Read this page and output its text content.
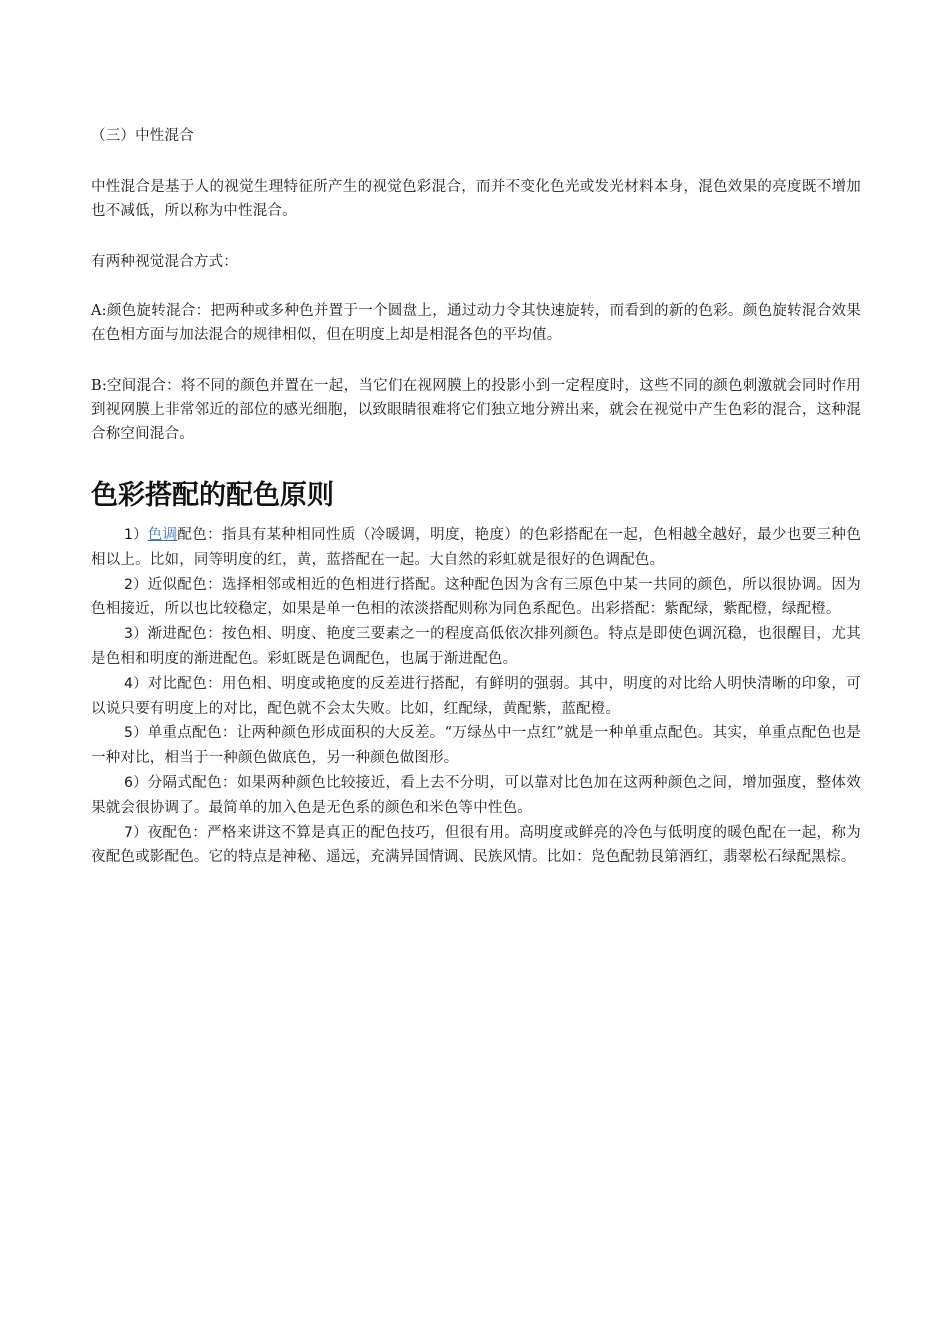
（三）中性混合

中性混合是基于人的视觉生理特征所产生的视觉色彩混合，而并不变化色光或发光材料本身，混色效果的亮度既不增加也不减低，所以称为中性混合。

有两种视觉混合方式：

A:颜色旋转混合：把两种或多种色并置于一个圆盘上，通过动力令其快速旋转，而看到的新的色彩。颜色旋转混合效果在色相方面与加法混合的规律相似，但在明度上却是相混各色的平均值。

B:空间混合：将不同的颜色并置在一起，当它们在视网膜上的投影小到一定程度时，这些不同的颜色刺激就会同时作用到视网膜上非常邻近的部位的感光细胞，以致眼睛很难将它们独立地分辨出来，就会在视觉中产生色彩的混合，这种混合称空间混合。

色彩搭配的配色原则

1）色调配色：指具有某种相同性质（冷暖调，明度，艳度）的色彩搭配在一起，色相越全越好，最少也要三种色相以上。比如，同等明度的红，黄，蓝搭配在一起。大自然的彩虹就是很好的色调配色。

2）近似配色：选择相邻或相近的色相进行搭配。这种配色因为含有三原色中某一共同的颜色，所以很协调。因为色相接近，所以也比较稳定，如果是单一色相的浓淡搭配则称为同色系配色。出彩搭配：紫配绿，紫配橙，绿配橙。

3）渐进配色：按色相、明度、艳度三要素之一的程度高低依次排列颜色。特点是即使色调沉稳，也很醒目，尤其是色相和明度的渐进配色。彩虹既是色调配色，也属于渐进配色。

4）对比配色：用色相、明度或艳度的反差进行搭配，有鲜明的强弱。其中，明度的对比给人明快清晰的印象，可以说只要有明度上的对比，配色就不会太失败。比如，红配绿，黄配紫，蓝配橙。

5）单重点配色：让两种颜色形成面积的大反差。“万绿丛中一点红”就是一种单重点配色。其实，单重点配色也是一种对比，相当于一种颜色做底色，另一种颜色做图形。

6）分隔式配色：如果两种颜色比较接近，看上去不分明，可以靠对比色加在这两种颜色之间，增加强度，整体效果就会很协调了。最简单的加入色是无色系的颜色和米色等中性色。

7）夜配色：严格来讲这不算是真正的配色技巧，但很有用。高明度或鲜亮的冷色与低明度的暖色配在一起，称为夜配色或影配色。它的特点是神秘、遥远，充满异国情调、民族风情。比如：凫色配勃艮第酒红，翡翠松石绿配黑棕。
